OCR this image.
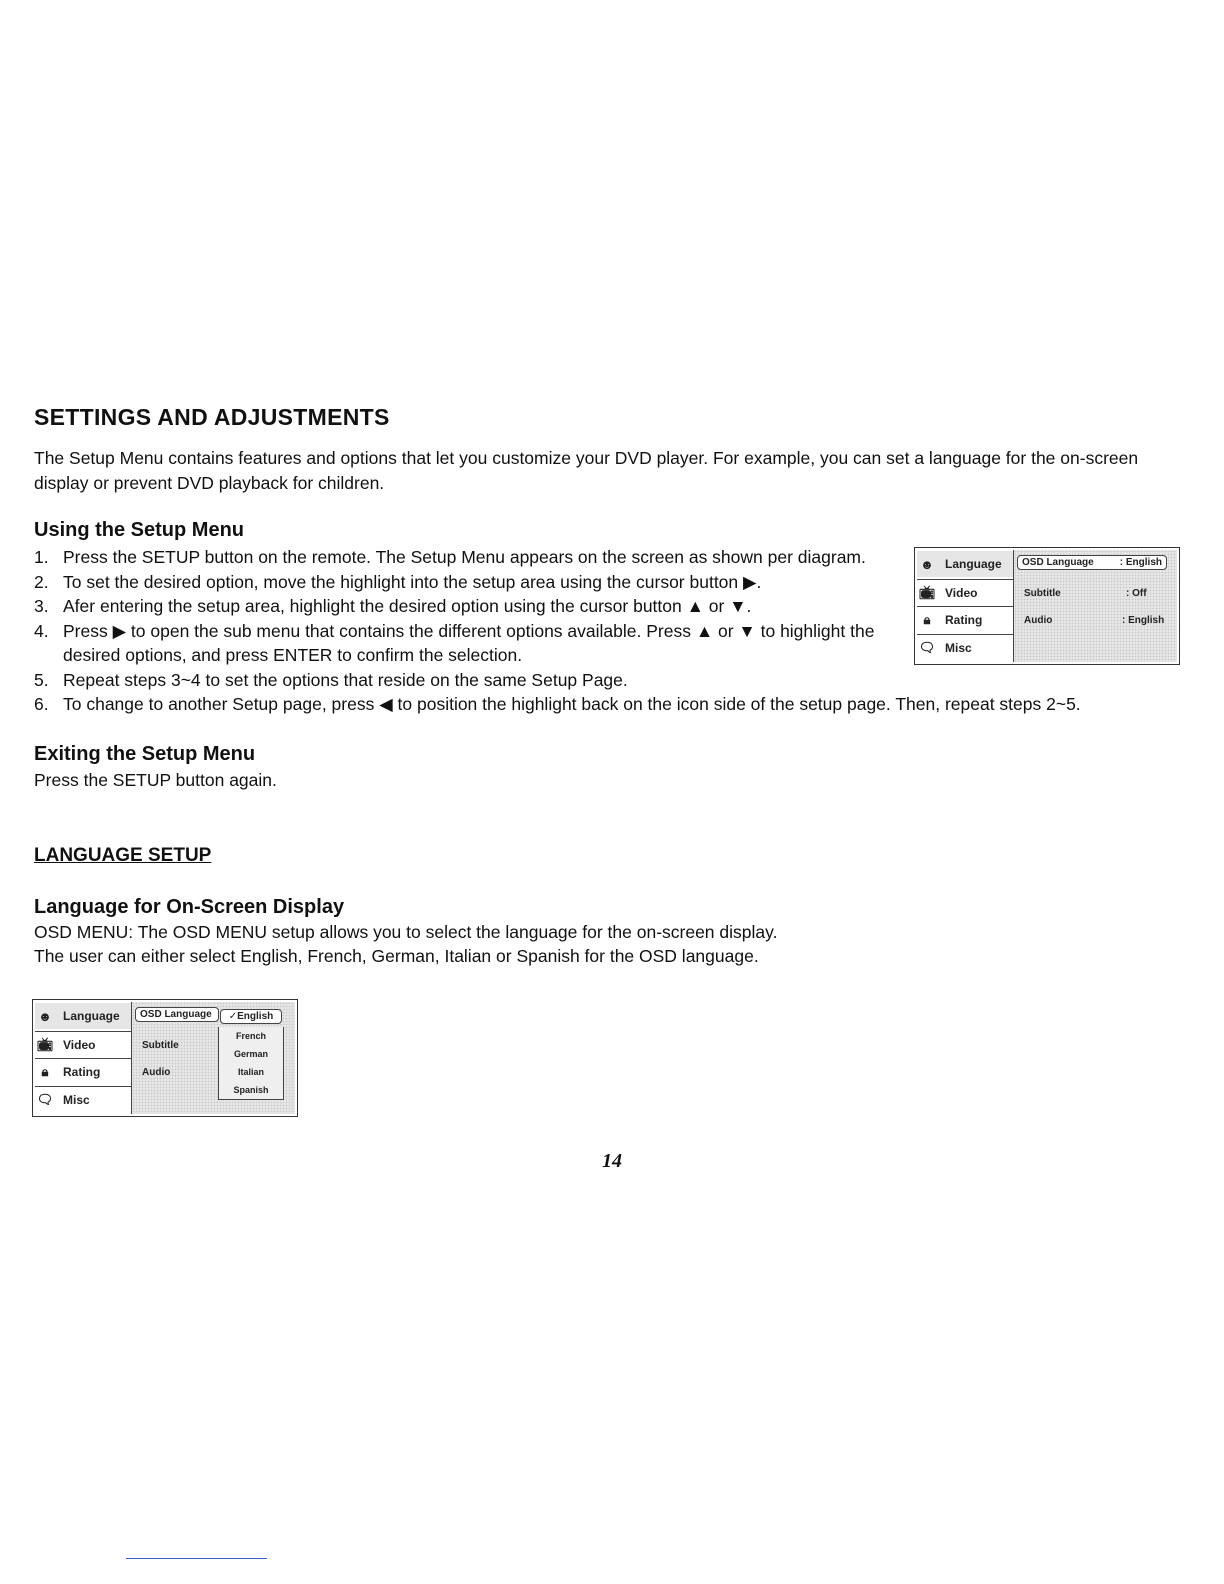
SETTINGS AND ADJUSTMENTS

The Setup Menu contains features and options that let you customize your DVD player. For example, you can set a language for the on-screen display or prevent DVD playback for children.

Using the Setup Menu
1. Press the SETUP button on the remote. The Setup Menu appears on the screen as shown per diagram.
2. To set the desired option, move the highlight into the setup area using the cursor button ▶.
3. Afer entering the setup area, highlight the desired option using the cursor button ▲ or ▼.
4. Press ▶ to open the sub menu that contains the different options available. Press ▲ or ▼ to highlight the desired options, and press ENTER to confirm the selection.
5. Repeat steps 3~4 to set the options that reside on the same Setup Page.
6. To change to another Setup page, press ◀ to position the highlight back on the icon side of the setup page. Then, repeat steps 2~5.
☻ Language
📺︎ Video
🔒︎	Rating
🗨︎ Misc
OSD Language	: English
Subtitle	: Off
Audio	: English
Exiting the Setup Menu

Press the SETUP button again.

LANGUAGE SETUP
Language for On-Screen Display

OSD MENU: The OSD MENU setup allows you to select the language for the on-screen display.

The user can either select English, French, German, Italian or Spanish for the OSD language.

☻ Language
📺︎ Video
🔒︎	Rating
🗨︎ Misc
OSD Language	✓English
French
German
Italian
Spanish
Subtitle
Audio
14
